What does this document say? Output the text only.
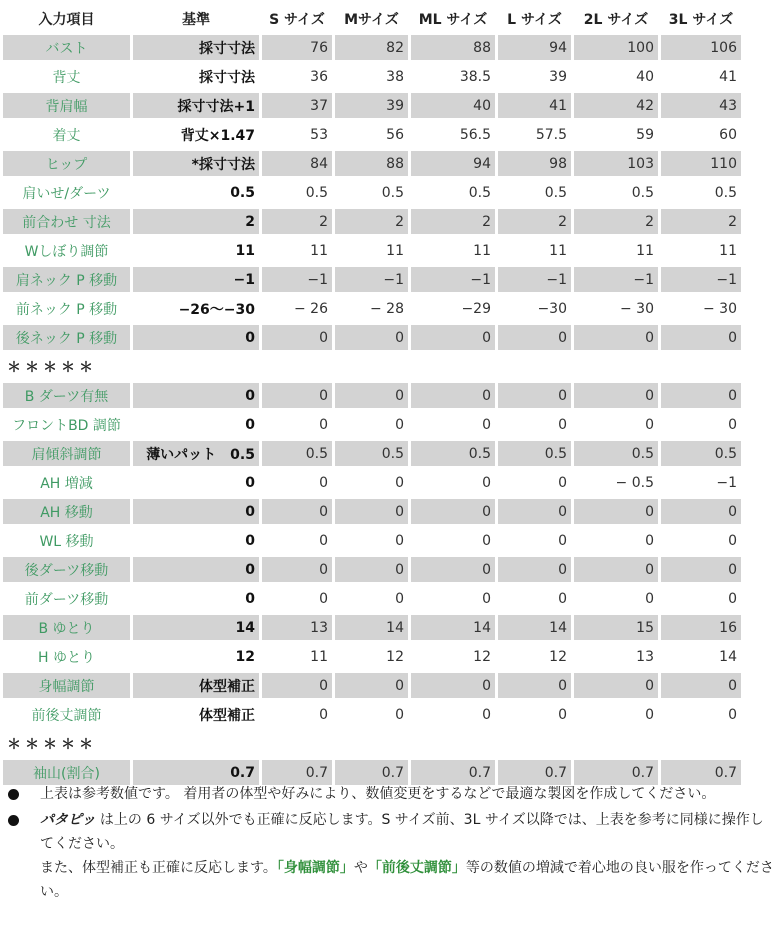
入力項目	基準	S サイズ	Mサイズ	ML サイズ	L サイズ	2L サイズ	3L サイズ
バスト	採寸寸法	76	82	88	94	100	106
背丈	採寸寸法	36	38	38.5	39	40	41
背肩幅	採寸寸法+1	37	39	40	41	42	43
着丈	背丈×1.47	53	56	56.5	57.5	59	60
ヒップ	*採寸寸法	84	88	94	98	103	110
肩いせ/ダーツ	0.5	0.5	0.5	0.5	0.5	0.5	0.5
前合わせ 寸法	2	2	2	2	2	2	2
Wしぼり調節	11	11	11	11	11	11	11
肩ネック P 移動	−1	−1	−1	−1	−1	−1	−1
前ネック P 移動	−26〜−30	− 26	− 28	−29	−30	− 30	− 30
後ネック P 移動	0	0	0	0	0	0	0
＊＊＊＊＊							
B ダーツ有無	0	0	0	0	0	0	0
フロントBD 調節	0	0	0	0	0	0	0
肩傾斜調節	薄いパット　0.5	0.5	0.5	0.5	0.5	0.5	0.5
AH 増減	0	0	0	0	0	− 0.5	−1
AH 移動	0	0	0	0	0	0	0
WL 移動	0	0	0	0	0	0	0
後ダーツ移動	0	0	0	0	0	0	0
前ダーツ移動	0	0	0	0	0	0	0
B ゆとり	14	13	14	14	14	15	16
H ゆとり	12	11	12	12	12	13	14
身幅調節	体型補正	0	0	0	0	0	0
前後丈調節	体型補正	0	0	0	0	0	0
＊＊＊＊＊							
袖山(割合)	0.7	0.7	0.7	0.7	0.7	0.7	0.7

上表は参考数値です。 着用者の体型や好みにより、数値変更をするなどで最適な製図を作成してください。

パタピッ は上の 6 サイズ以外でも正確に反応します。S サイズ前、3L サイズ以降では、上表を参考に同様に操作してください。
また、体型補正も正確に反応します。「身幅調節」や「前後丈調節」等の数値の増減で着心地の良い服を作ってください。
